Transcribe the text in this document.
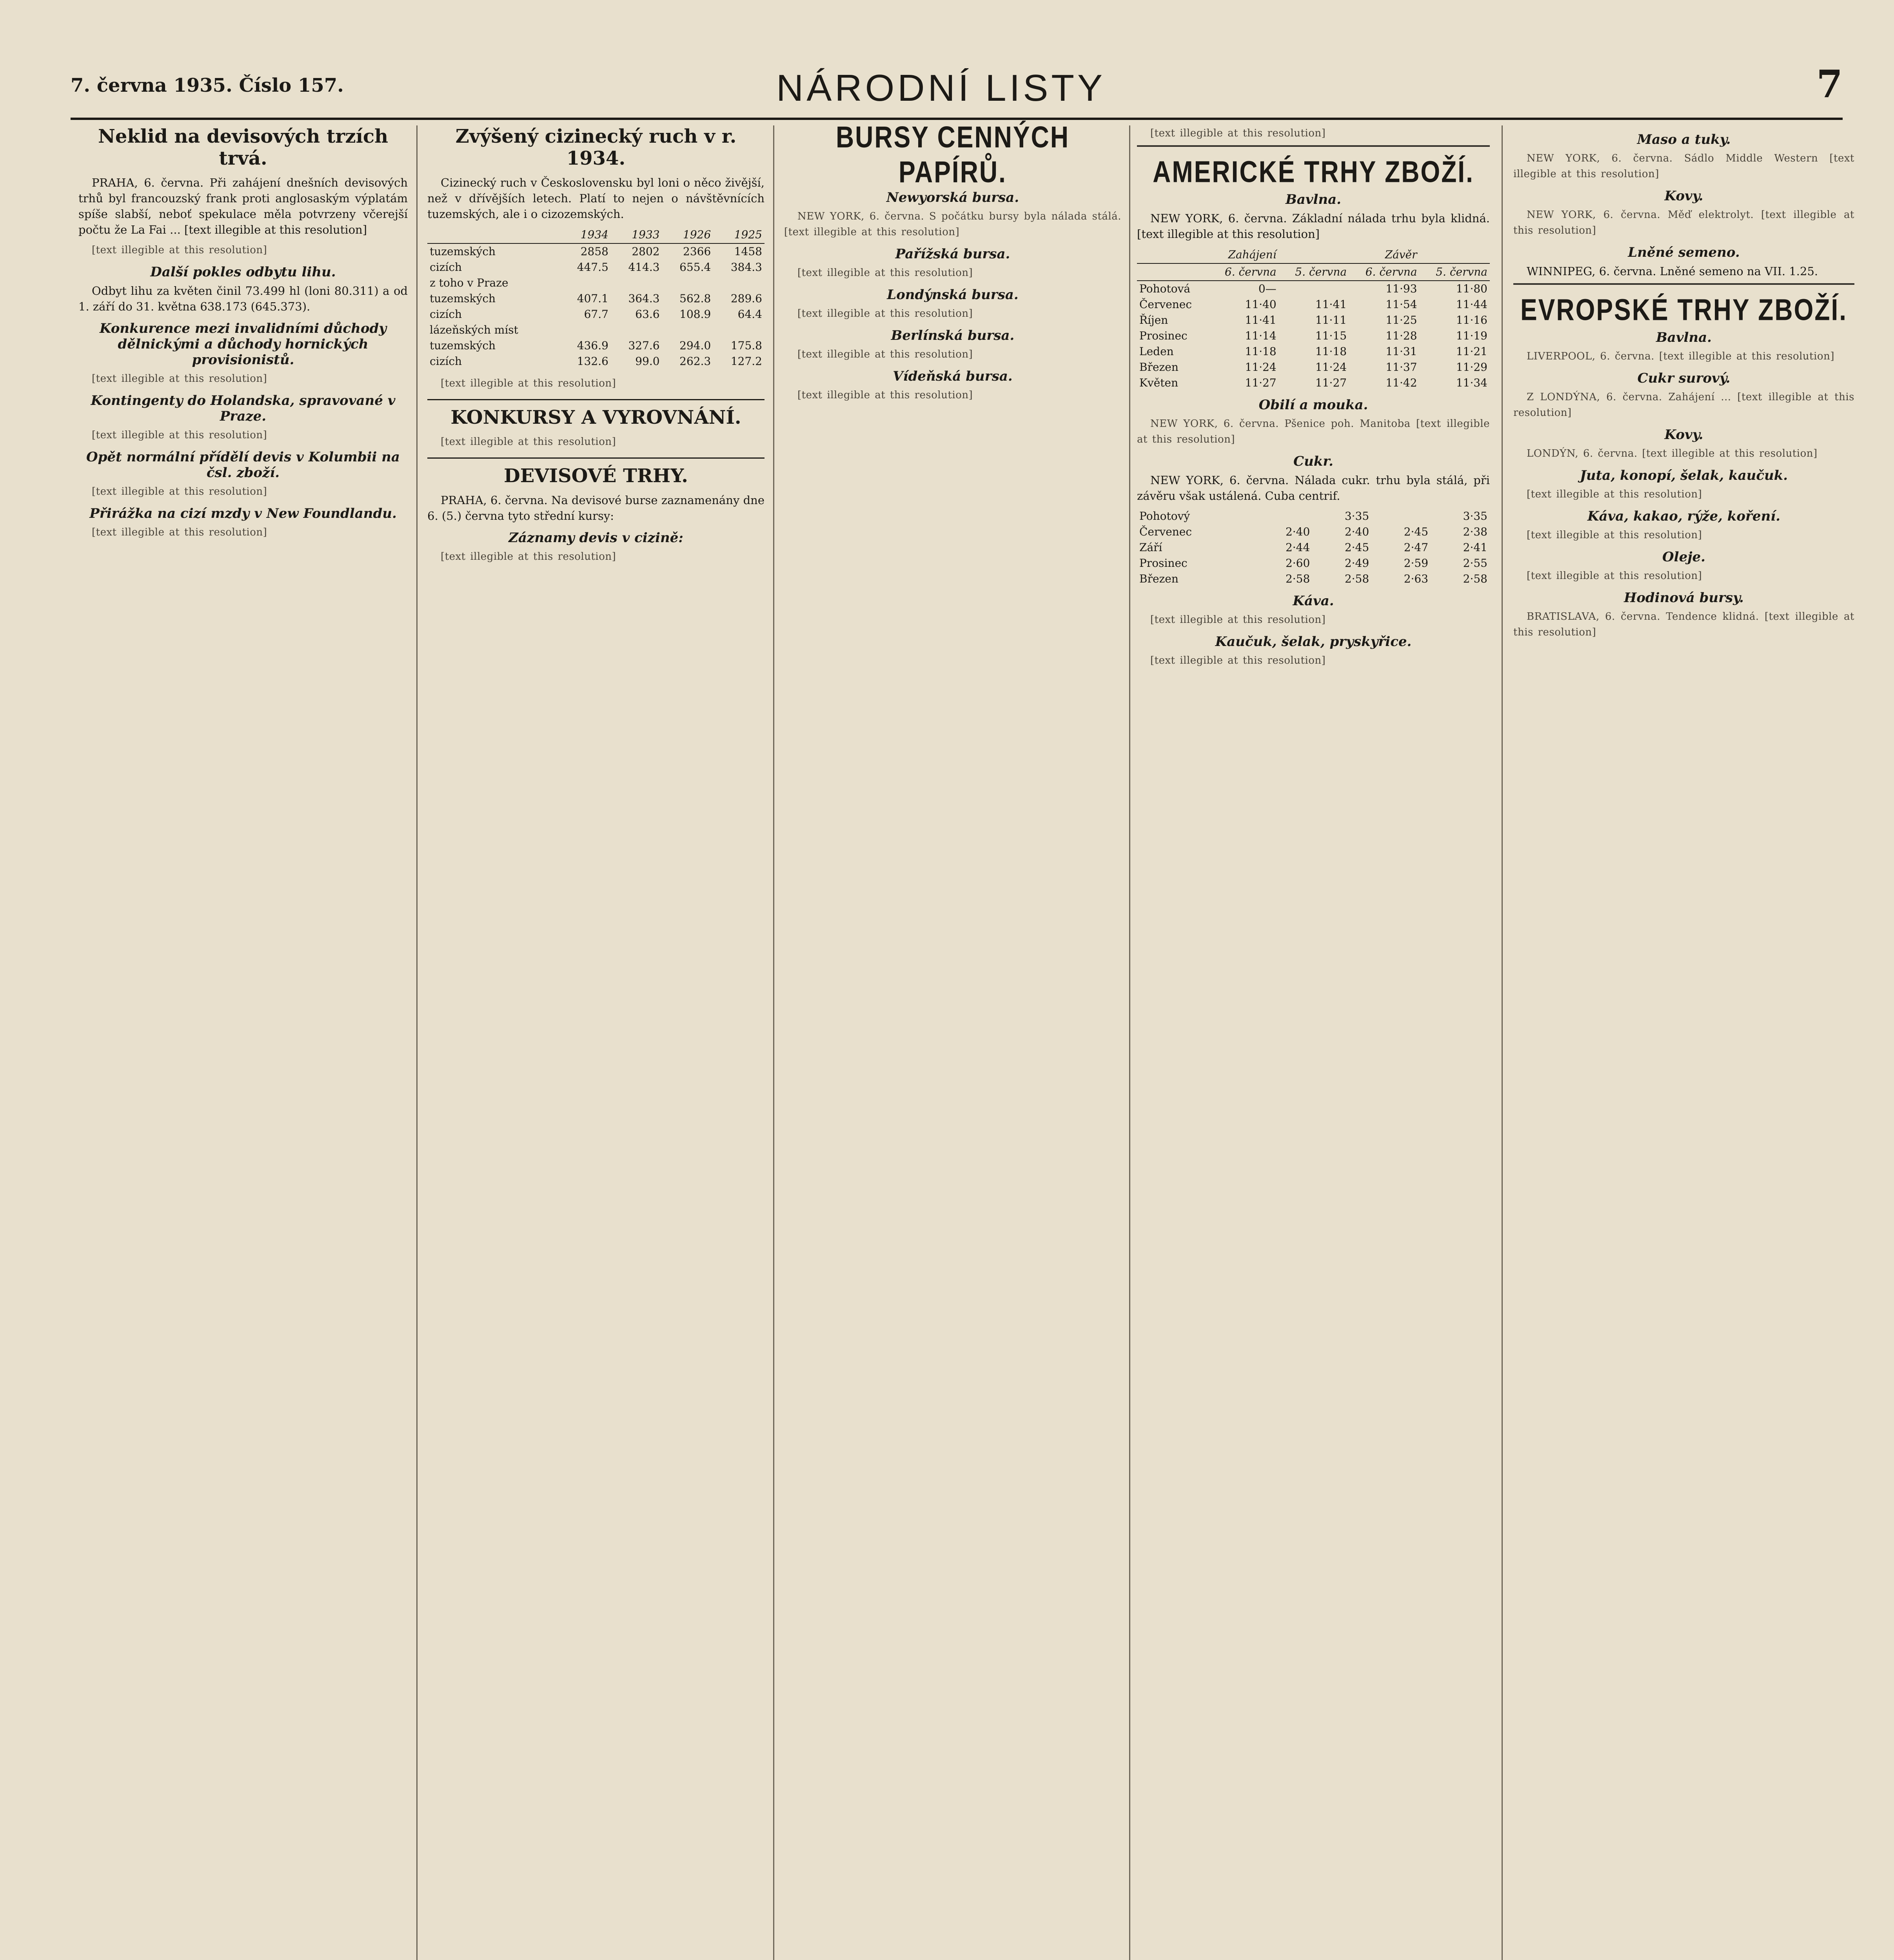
7. června 1935. Číslo 157.	NÁRODNÍ LISTY	7
Neklid na devisových trzích trvá.

PRAHA, 6. června. Při zahájení dnešních devisových trhů byl francouzský frank proti anglosaským výplatám spíše slabší, neboť spekulace měla potvrzeny včerejší počtu že La Fai ... [text illegible at this resolution]

[text illegible at this resolution]

Další pokles odbytu lihu.

Odbyt lihu za květen činil 73.499 hl (loni 80.311) a od 1. září do 31. května 638.173 (645.373).

Konkurence mezi invalidními důchody dělnickými a důchody hornických provisionistů.

[text illegible at this resolution]

Kontingenty do Holandska, spravované v Praze.

[text illegible at this resolution]

Opět normální přídělí devis v Kolumbii na čsl. zboží.

[text illegible at this resolution]

Přirážka na cizí mzdy v New Foundlandu.

[text illegible at this resolution]

Zvýšený cizinecký ruch v r. 1934.

Cizinecký ruch v Československu byl loni o něco živější, než v dřívějších letech. Platí to nejen o návštěvnících tuzemských, ale i o cizozemských.

	1934	1933	1926	1925
tuzemských	2858	2802	2366	1458
cizích	447.5	414.3	655.4	384.3
z toho v Praze				
tuzemských	407.1	364.3	562.8	289.6
cizích	67.7	63.6	108.9	64.4
lázeňských míst				
tuzemských	436.9	327.6	294.0	175.8
cizích	132.6	99.0	262.3	127.2

[text illegible at this resolution]

KONKURSY A VYROVNÁNÍ.

[text illegible at this resolution]

DEVISOVÉ TRHY.

PRAHA, 6. června. Na devisové burse zaznamenány dne 6. (5.) června tyto střední kursy:

Záznamy devis v cizině:

[text illegible at this resolution]

BURSY CENNÝCH PAPÍRŮ.
Newyorská bursa.

NEW YORK, 6. června. S počátku bursy byla nálada stálá. [text illegible at this resolution]

Pařížská bursa.

[text illegible at this resolution]

Londýnská bursa.

[text illegible at this resolution]

Berlínská bursa.

[text illegible at this resolution]

Vídeňská bursa.

[text illegible at this resolution]

[text illegible at this resolution]

AMERICKÉ TRHY ZBOŽÍ.
Bavlna.

NEW YORK, 6. června. Základní nálada trhu byla klidná. [text illegible at this resolution]

	Zahájení		Závěr	
	6. června	5. června	6. června	5. června
Pohotová	0—		11·93	11·80
Červenec	11·40	11·41	11·54	11·44
Říjen	11·41	11·11	11·25	11·16
Prosinec	11·14	11·15	11·28	11·19
Leden	11·18	11·18	11·31	11·21
Březen	11·24	11·24	11·37	11·29
Květen	11·27	11·27	11·42	11·34
Obilí a mouka.

NEW YORK, 6. června. Pšenice poh. Manitoba [text illegible at this resolution]

Cukr.

NEW YORK, 6. června. Nálada cukr. trhu byla stálá, při závěru však ustálená. Cuba centrif.

Pohotový		3·35		3·35
Červenec	2·40	2·40	2·45	2·38
Září	2·44	2·45	2·47	2·41
Prosinec	2·60	2·49	2·59	2·55
Březen	2·58	2·58	2·63	2·58
Káva.

[text illegible at this resolution]

Kaučuk, šelak, pryskyřice.

[text illegible at this resolution]

Maso a tuky.

NEW YORK, 6. června. Sádlo Middle Western [text illegible at this resolution]

Kovy.

NEW YORK, 6. června. Měď elektrolyt. [text illegible at this resolution]

Lněné semeno.

WINNIPEG, 6. června. Lněné semeno na VII. 1.25.

EVROPSKÉ TRHY ZBOŽÍ.
Bavlna.

LIVERPOOL, 6. června. [text illegible at this resolution]

Cukr surový.

Z LONDÝNA, 6. června. Zahájení ... [text illegible at this resolution]

Kovy.

LONDÝN, 6. června. [text illegible at this resolution]

Juta, konopí, šelak, kaučuk.

[text illegible at this resolution]

Káva, kakao, rýže, koření.

[text illegible at this resolution]

Oleje.

[text illegible at this resolution]

Hodinová bursy.

BRATISLAVA, 6. června. Tendence klidná. [text illegible at this resolution]
